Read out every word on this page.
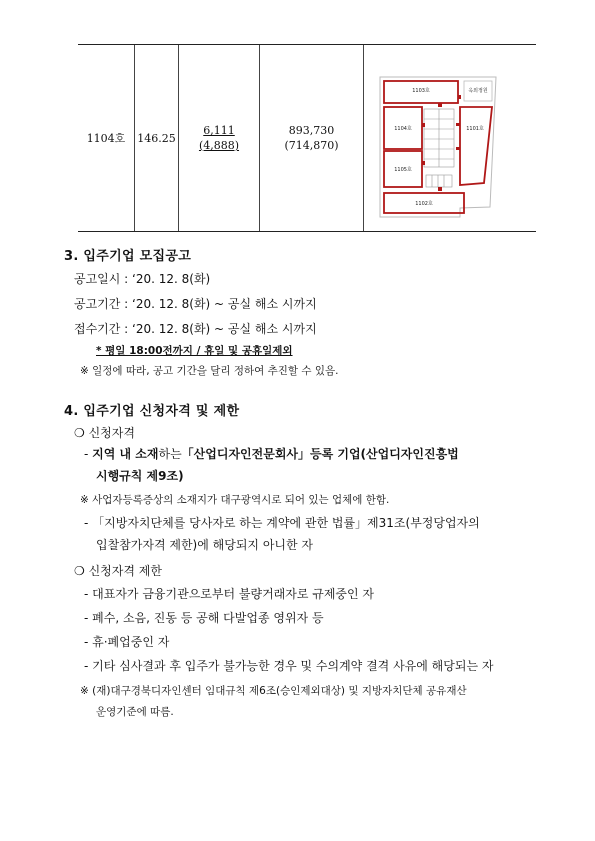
1104호 146.25
6,111
(4,888)
893,730
(714,870)
1103호	옥외정원
1104호	1101호
1105호
1102호
3. 입주기업 모집공고
공고일시 : ‘20. 12. 8(화)
공고기간 : ‘20. 12. 8(화) ~ 공실 해소 시까지
접수기간 : ‘20. 12. 8(화) ~ 공실 해소 시까지
* 평일 18:00전까지 / 휴일 및 공휴일제외
※ 일정에 따라, 공고 기간을 달리 정하여 추진할 수 있음.
4. 입주기업 신청자격 및 제한
❍ 신청자격
- 지역 내 소재하는「산업디자인전문회사」등록 기업(산업디자인진흥법
시행규칙 제9조)
※ 사업자등록증상의 소재지가 대구광역시로 되어 있는 업체에 한함.
- 「지방자치단체를 당사자로 하는 계약에 관한 법률」제31조(부정당업자의
입찰참가자격 제한)에 해당되지 아니한 자
❍ 신청자격 제한
- 대표자가 금융기관으로부터 불량거래자로 규제중인 자
- 폐수, 소음, 진동 등 공해 다발업종 영위자 등
- 휴·폐업중인 자
- 기타 심사결과 후 입주가 불가능한 경우 및 수의계약 결격 사유에 해당되는 자
※ (재)대구경북디자인센터 임대규칙 제6조(승인제외대상) 및 지방자치단체 공유재산
운영기준에 따름.
